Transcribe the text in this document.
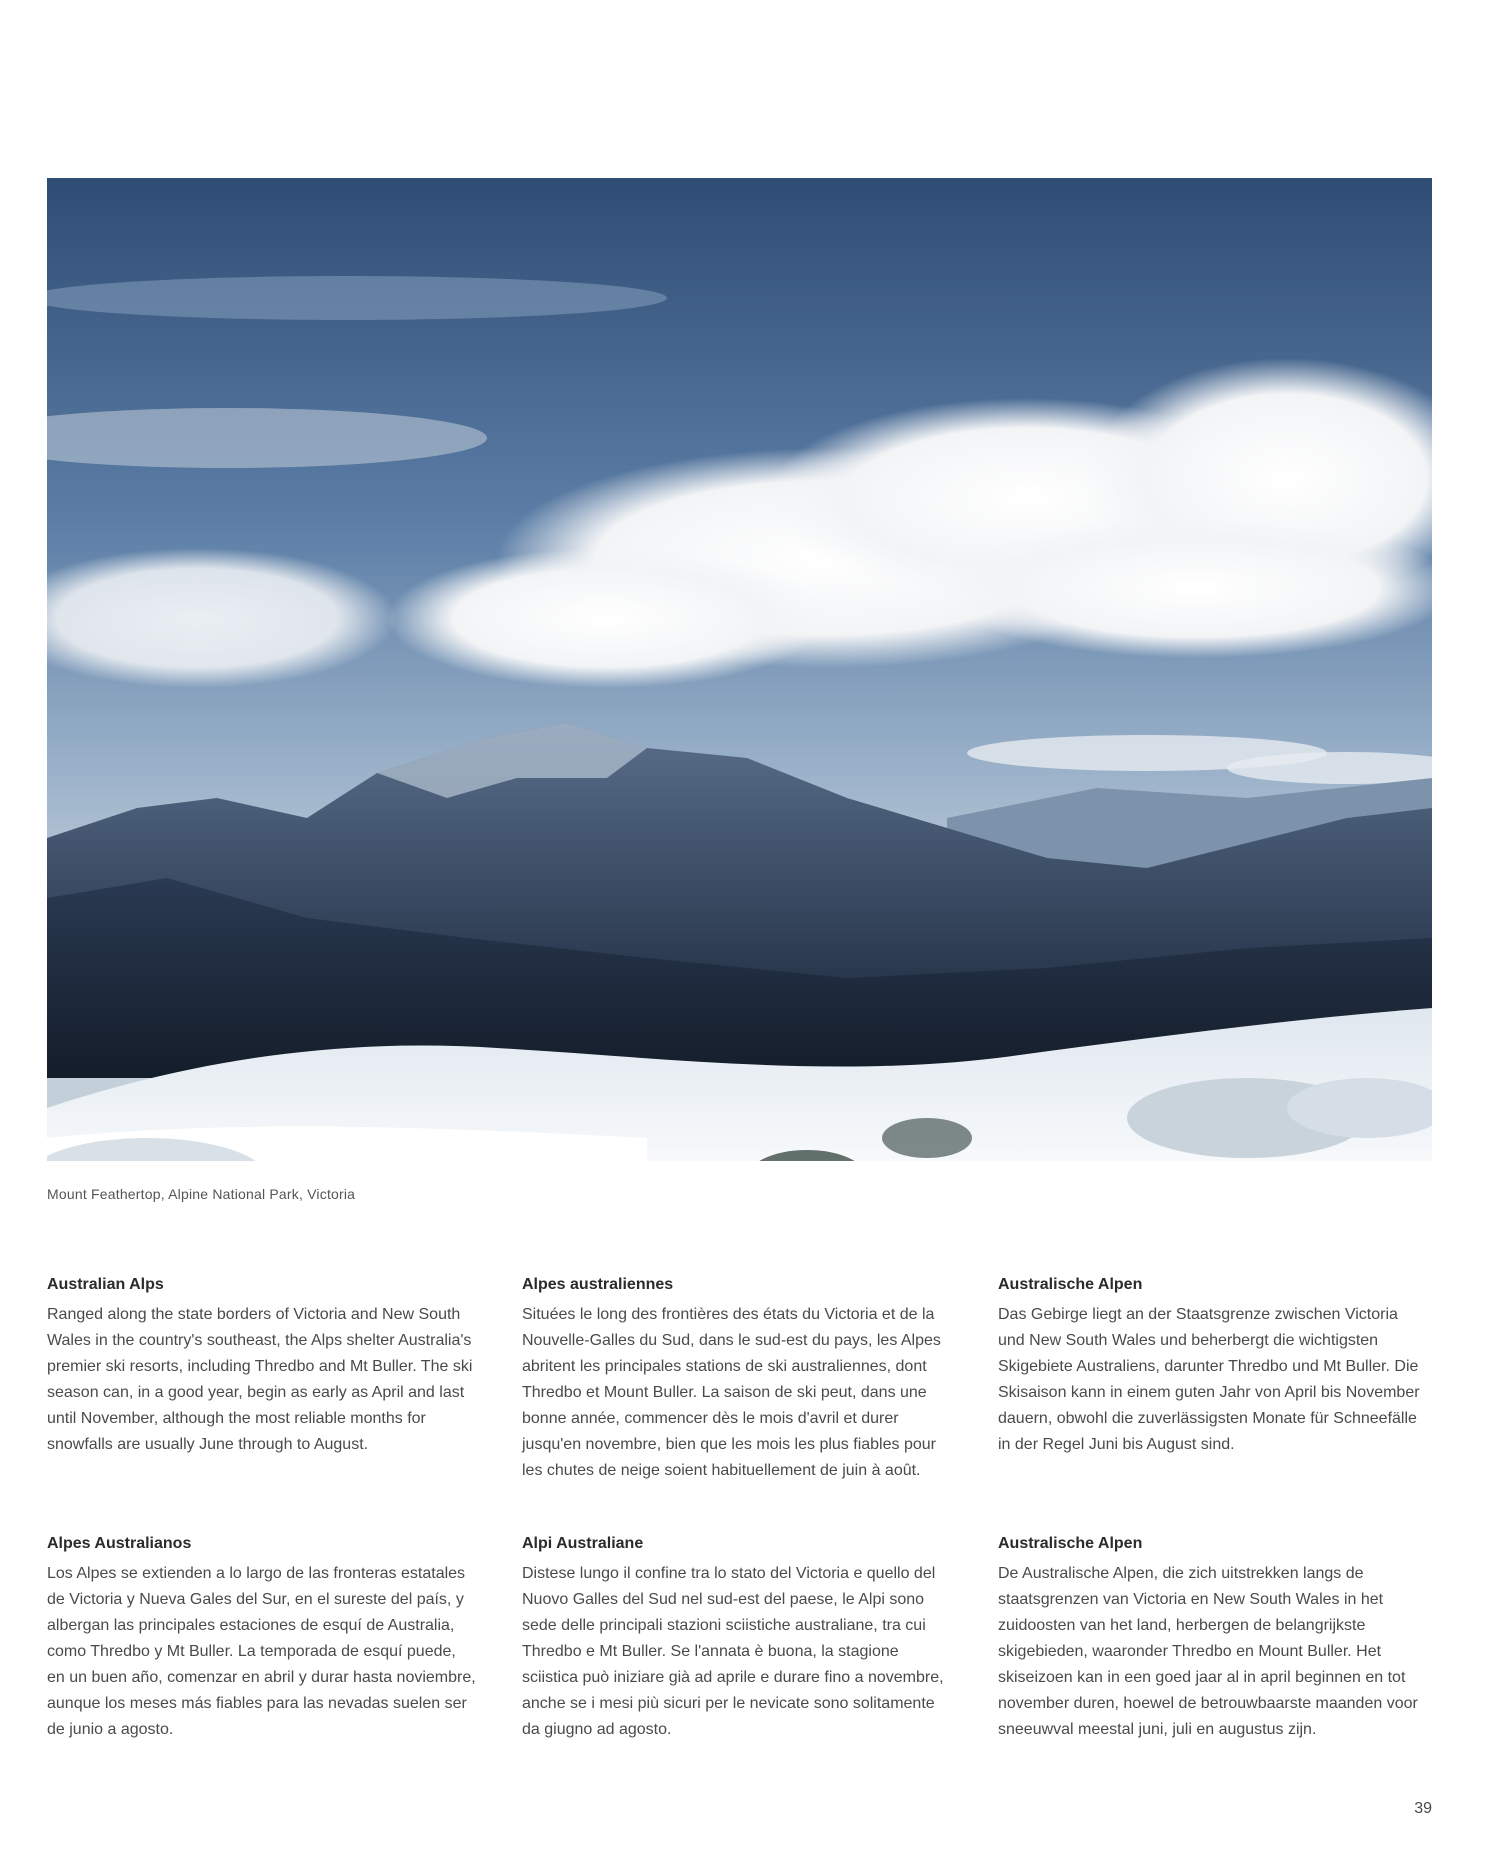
Mount Feathertop, Alpine National Park, Victoria
Australian Alps

Ranged along the state borders of Victoria and New South Wales in the country's southeast, the Alps shelter Australia's premier ski resorts, including Thredbo and Mt Buller. The ski season can, in a good year, begin as early as April and last until November, although the most reliable months for snowfalls are usually June through to August.

Alpes australiennes

Situées le long des frontières des états du Victoria et de la Nouvelle-Galles du Sud, dans le sud-est du pays, les Alpes abritent les principales stations de ski australiennes, dont Thredbo et Mount Buller. La saison de ski peut, dans une bonne année, commencer dès le mois d'avril et durer jusqu'en novembre, bien que les mois les plus fiables pour les chutes de neige soient habituellement de juin à août.

Australische Alpen

Das Gebirge liegt an der Staatsgrenze zwischen Victoria und New South Wales und beherbergt die wichtigsten Skigebiete Australiens, darunter Thredbo und Mt Buller. Die Skisaison kann in einem guten Jahr von April bis November dauern, obwohl die zuverlässigsten Monate für Schneefälle in der Regel Juni bis August sind.

Alpes Australianos

Los Alpes se extienden a lo largo de las fronteras estatales de Victoria y Nueva Gales del Sur, en el sureste del país, y albergan las principales estaciones de esquí de Australia, como Thredbo y Mt Buller. La temporada de esquí puede, en un buen año, comenzar en abril y durar hasta noviembre, aunque los meses más fiables para las nevadas suelen ser de junio a agosto.

Alpi Australiane

Distese lungo il confine tra lo stato del Victoria e quello del Nuovo Galles del Sud nel sud-est del paese, le Alpi sono sede delle principali stazioni sciistiche australiane, tra cui Thredbo e Mt Buller. Se l'annata è buona, la stagione sciistica può iniziare già ad aprile e durare fino a novembre, anche se i mesi più sicuri per le nevicate sono solitamente da giugno ad agosto.

Australische Alpen

De Australische Alpen, die zich uitstrekken langs de staatsgrenzen van Victoria en New South Wales in het zuidoosten van het land, herbergen de belangrijkste skigebieden, waaronder Thredbo en Mount Buller. Het skiseizoen kan in een goed jaar al in april beginnen en tot november duren, hoewel de betrouwbaarste maanden voor sneeuwval meestal juni, juli en augustus zijn.

39
